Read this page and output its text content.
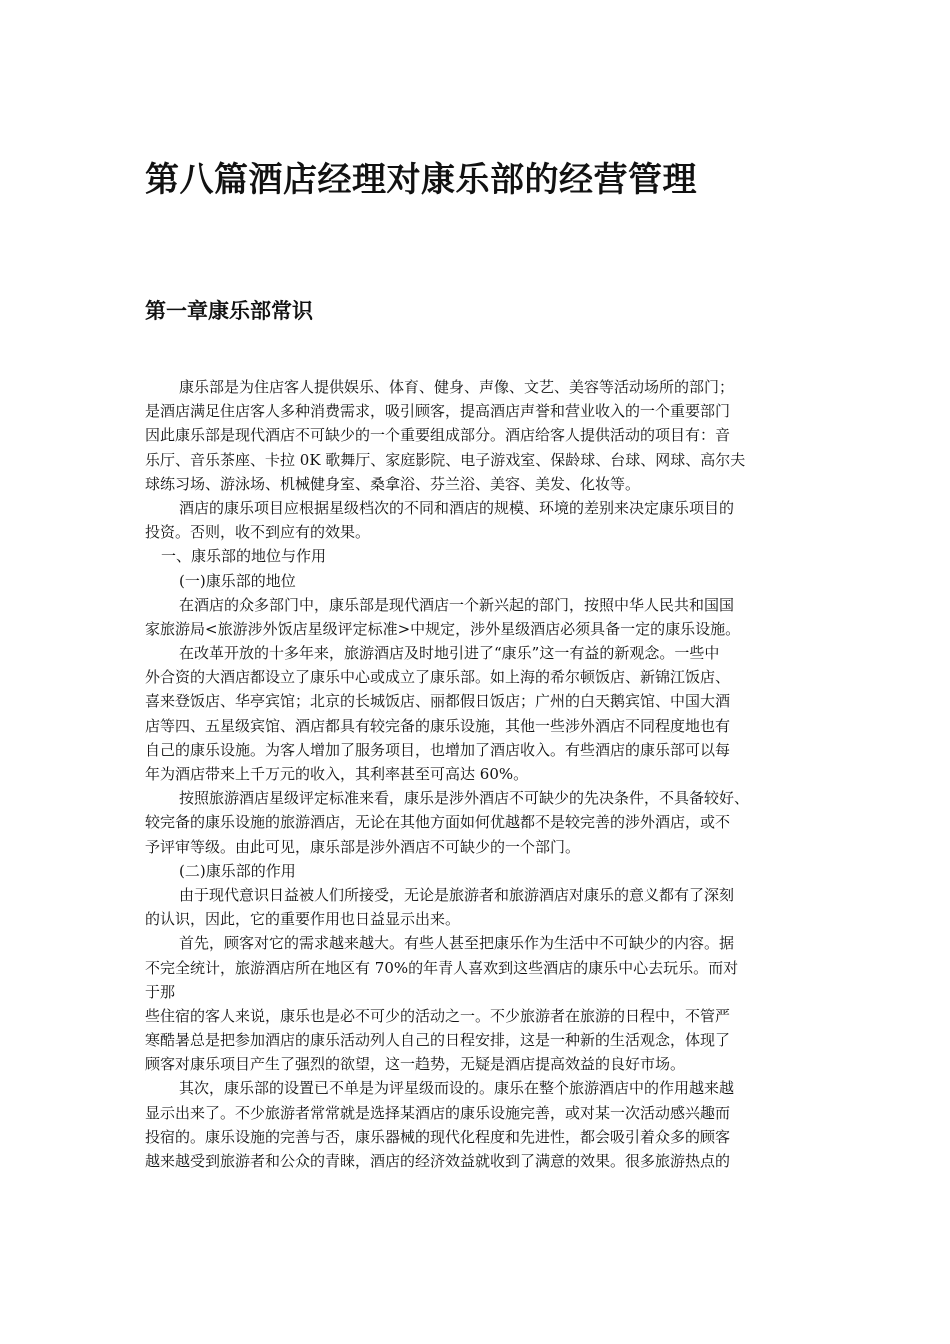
第八篇酒店经理对康乐部的经营管理
第一章康乐部常识
康乐部是为住店客人提供娱乐、体育、健身、声像、文艺、美容等活动场所的部门；
是酒店满足住店客人多种消费需求，吸引顾客，提高酒店声誉和营业收入的一个重要部门
因此康乐部是现代酒店不可缺少的一个重要组成部分。酒店给客人提供活动的项目有：音
乐厅、音乐茶座、卡拉 0K 歌舞厅、家庭影院、电子游戏室、保龄球、台球、网球、高尔夫
球练习场、游泳场、机械健身室、桑拿浴、芬兰浴、美容、美发、化妆等。
酒店的康乐项目应根据星级档次的不同和酒店的规模、环境的差别来决定康乐项目的
投资。否则，收不到应有的效果。
一、康乐部的地位与作用
(一)康乐部的地位
在酒店的众多部门中，康乐部是现代酒店一个新兴起的部门，按照中华人民共和国国
家旅游局<旅游涉外饭店星级评定标准>中规定，涉外星级酒店必须具备一定的康乐设施。
在改革开放的十多年来，旅游酒店及时地引进了“康乐”这一有益的新观念。一些中
外合资的大酒店都设立了康乐中心或成立了康乐部。如上海的希尔顿饭店、新锦江饭店、
喜来登饭店、华亭宾馆；北京的长城饭店、丽都假日饭店；广州的白天鹅宾馆、中国大酒
店等四、五星级宾馆、酒店都具有较完备的康乐设施，其他一些涉外酒店不同程度地也有
自己的康乐设施。为客人增加了服务项目，也增加了酒店收入。有些酒店的康乐部可以每
年为酒店带来上千万元的收入，其利率甚至可高达 60%。
按照旅游酒店星级评定标准来看，康乐是涉外酒店不可缺少的先决条件，不具备较好、
较完备的康乐设施的旅游酒店，无论在其他方面如何优越都不是较完善的涉外酒店，或不
予评审等级。由此可见，康乐部是涉外酒店不可缺少的一个部门。
(二)康乐部的作用
由于现代意识日益被人们所接受，无论是旅游者和旅游酒店对康乐的意义都有了深刻
的认识，因此，它的重要作用也日益显示出来。
首先，顾客对它的需求越来越大。有些人甚至把康乐作为生活中不可缺少的内容。据
不完全统计，旅游酒店所在地区有 70%的年青人喜欢到这些酒店的康乐中心去玩乐。而对
于那
些住宿的客人来说，康乐也是必不可少的活动之一。不少旅游者在旅游的日程中，不管严
寒酷暑总是把参加酒店的康乐活动列人自己的日程安排，这是一种新的生活观念，体现了
顾客对康乐项目产生了强烈的欲望，这一趋势，无疑是酒店提高效益的良好市场。
其次，康乐部的设置已不单是为评星级而设的。康乐在整个旅游酒店中的作用越来越
显示出来了。不少旅游者常常就是选择某酒店的康乐设施完善，或对某一次活动感兴趣而
投宿的。康乐设施的完善与否，康乐器械的现代化程度和先进性，都会吸引着众多的顾客
越来越受到旅游者和公众的青睐，酒店的经济效益就收到了满意的效果。很多旅游热点的
